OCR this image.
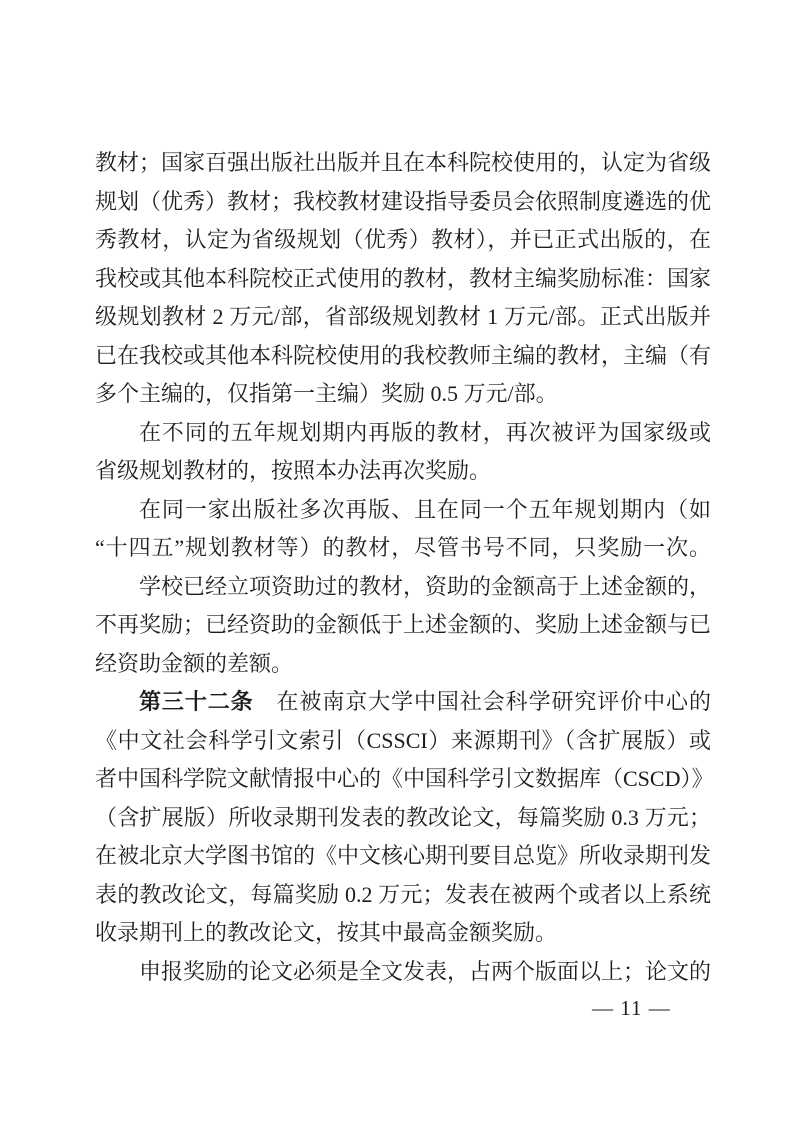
教材；国家百强出版社出版并且在本科院校使用的，认定为省级
规划（优秀）教材；我校教材建设指导委员会依照制度遴选的优
秀教材，认定为省级规划（优秀）教材），并已正式出版的，在
我校或其他本科院校正式使用的教材，教材主编奖励标准：国家
级规划教材 2 万元/部，省部级规划教材 1 万元/部。正式出版并
已在我校或其他本科院校使用的我校教师主编的教材，主编（有
多个主编的，仅指第一主编）奖励 0.5 万元/部。
在不同的五年规划期内再版的教材，再次被评为国家级或
省级规划教材的，按照本办法再次奖励。
在同一家出版社多次再版、且在同一个五年规划期内（如
“十四五”规划教材等）的教材，尽管书号不同，只奖励一次。
学校已经立项资助过的教材，资助的金额高于上述金额的，
不再奖励；已经资助的金额低于上述金额的、奖励上述金额与已
经资助金额的差额。
第三十二条　在被南京大学中国社会科学研究评价中心的
《中文社会科学引文索引（CSSCI）来源期刊》（含扩展版）或
者中国科学院文献情报中心的《中国科学引文数据库（CSCD）》
（含扩展版）所收录期刊发表的教改论文，每篇奖励 0.3 万元；
在被北京大学图书馆的《中文核心期刊要目总览》所收录期刊发
表的教改论文，每篇奖励 0.2 万元；发表在被两个或者以上系统
收录期刊上的教改论文，按其中最高金额奖励。
申报奖励的论文必须是全文发表，占两个版面以上；论文的
— 11 —
